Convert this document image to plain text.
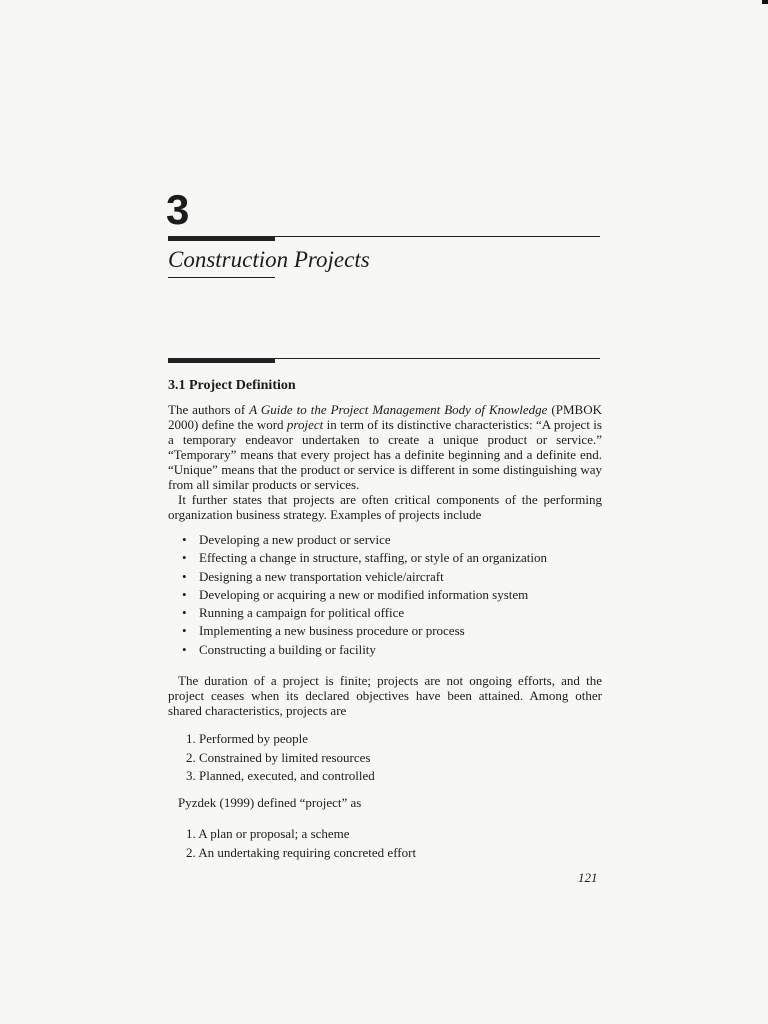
3
Construction Projects
3.1 Project Definition

The authors of A Guide to the Project Management Body of Knowledge (PMBOK 2000) define the word project in term of its distinctive characteristics: “A project is a temporary endeavor undertaken to create a unique product or service.” “Temporary” means that every project has a definite beginning and a definite end. “Unique” means that the product or service is different in some distinguishing way from all similar products or services.

It further states that projects are often critical components of the performing organization business strategy. Examples of projects include

• Developing a new product or service
• Effecting a change in structure, staffing, or style of an organization
• Designing a new transportation vehicle/aircraft
• Developing or acquiring a new or modified information system
• Running a campaign for political office
• Implementing a new business procedure or process
• Constructing a building or facility

The duration of a project is finite; projects are not ongoing efforts, and the project ceases when its declared objectives have been attained. Among other shared characteristics, projects are

1. Performed by people
2. Constrained by limited resources
3. Planned, executed, and controlled

Pyzdek (1999) defined “project” as

1. A plan or proposal; a scheme
2. An undertaking requiring concreted effort
121
